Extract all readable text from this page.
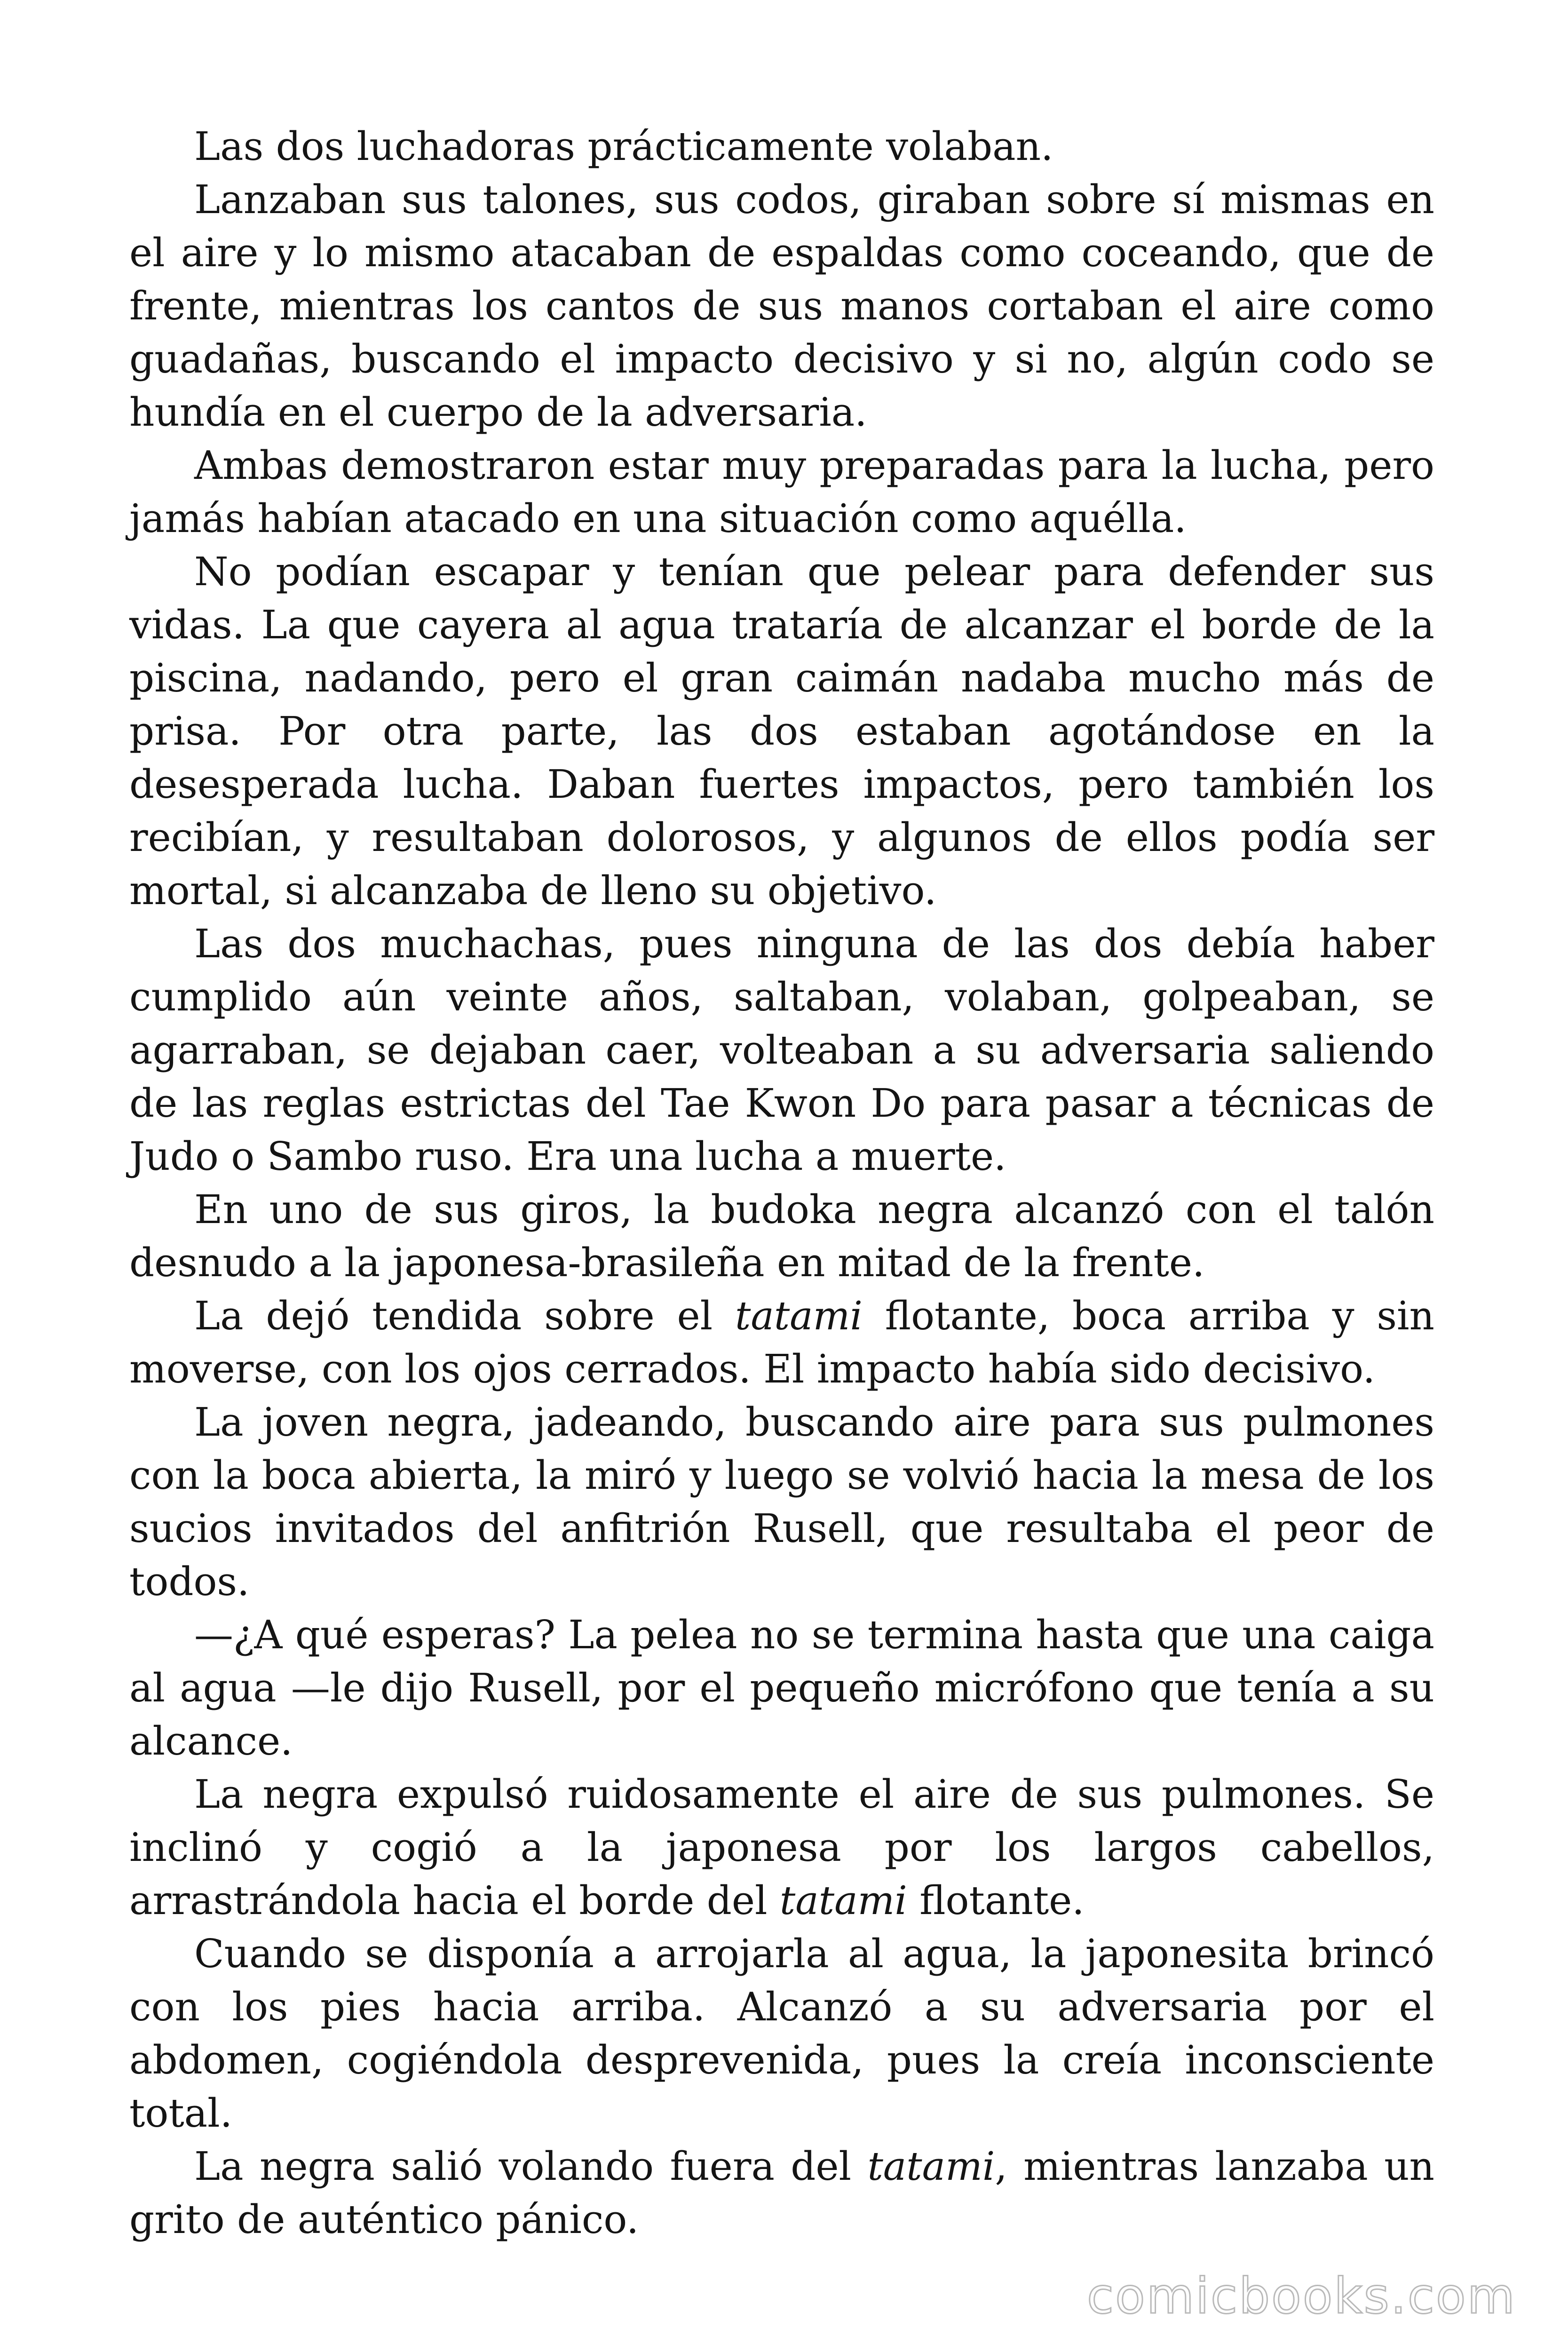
Las dos luchadoras prácticamente volaban.

Lanzaban sus talones, sus codos, giraban sobre sí mismas en el aire y lo mismo atacaban de espaldas como coceando, que de frente, mientras los cantos de sus manos cortaban el aire como guadañas, buscando el impacto decisivo y si no, algún codo se hundía en el cuerpo de la adversaria.

Ambas demostraron estar muy preparadas para la lucha, pero jamás habían atacado en una situación como aquélla.

No podían escapar y tenían que pelear para defender sus vidas. La que cayera al agua trataría de alcanzar el borde de la piscina, nadando, pero el gran caimán nadaba mucho más de prisa. Por otra parte, las dos estaban agotándose en la desesperada lucha. Daban fuertes impactos, pero también los recibían, y resultaban dolorosos, y algunos de ellos podía ser mortal, si alcanzaba de lleno su objetivo.

Las dos muchachas, pues ninguna de las dos debía haber cumplido aún veinte años, saltaban, volaban, golpeaban, se agarraban, se dejaban caer, volteaban a su adversaria saliendo de las reglas estrictas del Tae Kwon Do para pasar a técnicas de Judo o Sambo ruso. Era una lucha a muerte.

En uno de sus giros, la budoka negra alcanzó con el talón desnudo a la japonesa-brasileña en mitad de la frente.

La dejó tendida sobre el tatami flotante, boca arriba y sin moverse, con los ojos cerrados. El impacto había sido decisivo.

La joven negra, jadeando, buscando aire para sus pulmones con la boca abierta, la miró y luego se volvió hacia la mesa de los sucios invitados del anfitrión Rusell, que resultaba el peor de todos.

—¿A qué esperas? La pelea no se termina hasta que una caiga al agua —le dijo Rusell, por el pequeño micrófono que tenía a su alcance.

La negra expulsó ruidosamente el aire de sus pulmones. Se inclinó y cogió a la japonesa por los largos cabellos, arrastrándola hacia el borde del tatami flotante.

Cuando se disponía a arrojarla al agua, la japonesita brincó con los pies hacia arriba. Alcanzó a su adversaria por el abdomen, cogiéndola desprevenida, pues la creía inconsciente total.

La negra salió volando fuera del tatami, mientras lanzaba un grito de auténtico pánico.

comicbooks.com
